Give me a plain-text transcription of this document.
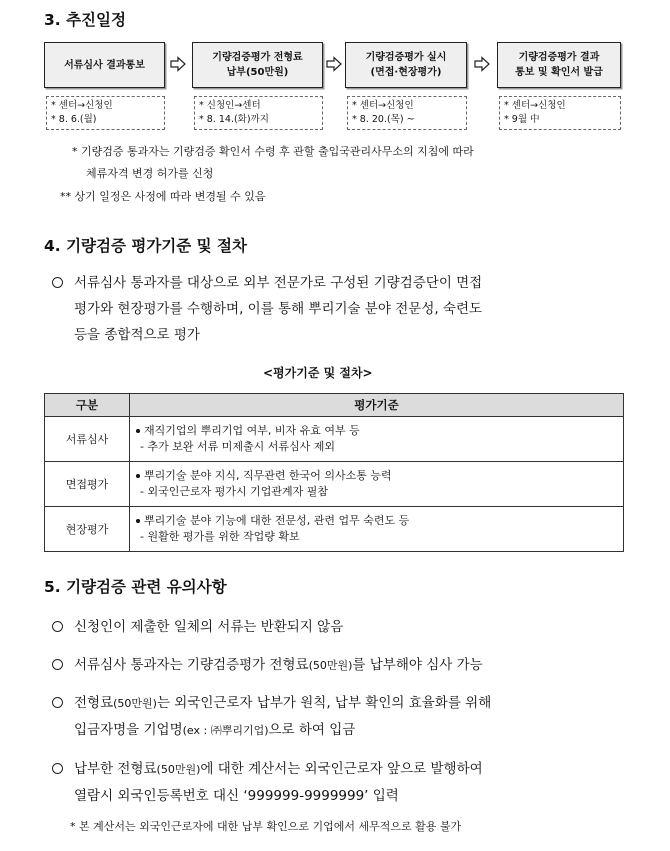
3. 추진일정
서류심사 결과통보
기량검증평가 전형료
납부(50만원)
기량검증평가 실시
(면접·현장평가)
기량검증평가 결과
통보 및 확인서 발급
* 센터→신청인
* 8. 6.(월)
* 신청인→센터
* 8. 14.(화)까지
* 센터→신청인
* 8. 20.(목) ~
* 센터→신청인
* 9월 中
* 기량검증 통과자는 기량검증 확인서 수령 후 관할 출입국관리사무소의 지침에 따라
체류자격 변경 허가를 신청
** 상기 일정은 사정에 따라 변경될 수 있음
4. 기량검증 평가기준 및 절차
서류심사 통과자를 대상으로 외부 전문가로 구성된 기량검증단이 면접
평가와 현장평가를 수행하며, 이를 통해 뿌리기술 분야 전문성, 숙련도
등을 종합적으로 평가
<평가기준 및 절차>
구분	평가기준
서류심사	재직기업의 뿌리기업 여부, 비자 유효 여부 등
- 추가 보완 서류 미제출시 서류심사 제외

면접평가	뿌리기술 분야 지식, 직무관련 한국어 의사소통 능력
- 외국인근로자 평가시 기업관계자 필참

현장평가	뿌리기술 분야 기능에 대한 전문성, 관련 업무 숙련도 등
- 원활한 평가를 위한 작업량 확보
5. 기량검증 관련 유의사항
신청인이 제출한 일체의 서류는 반환되지 않음
서류심사 통과자는 기량검증평가 전형료(50만원)를 납부해야 심사 가능
전형료(50만원)는 외국인근로자 납부가 원칙, 납부 확인의 효율화를 위해
입금자명을 기업명(ex : ㈜뿌리기업)으로 하여 입금
납부한 전형료(50만원)에 대한 계산서는 외국인근로자 앞으로 발행하여
열람시 외국인등록번호 대신 ‘999999-9999999’ 입력
* 본 계산서는 외국인근로자에 대한 납부 확인으로 기업에서 세무적으로 활용 불가
